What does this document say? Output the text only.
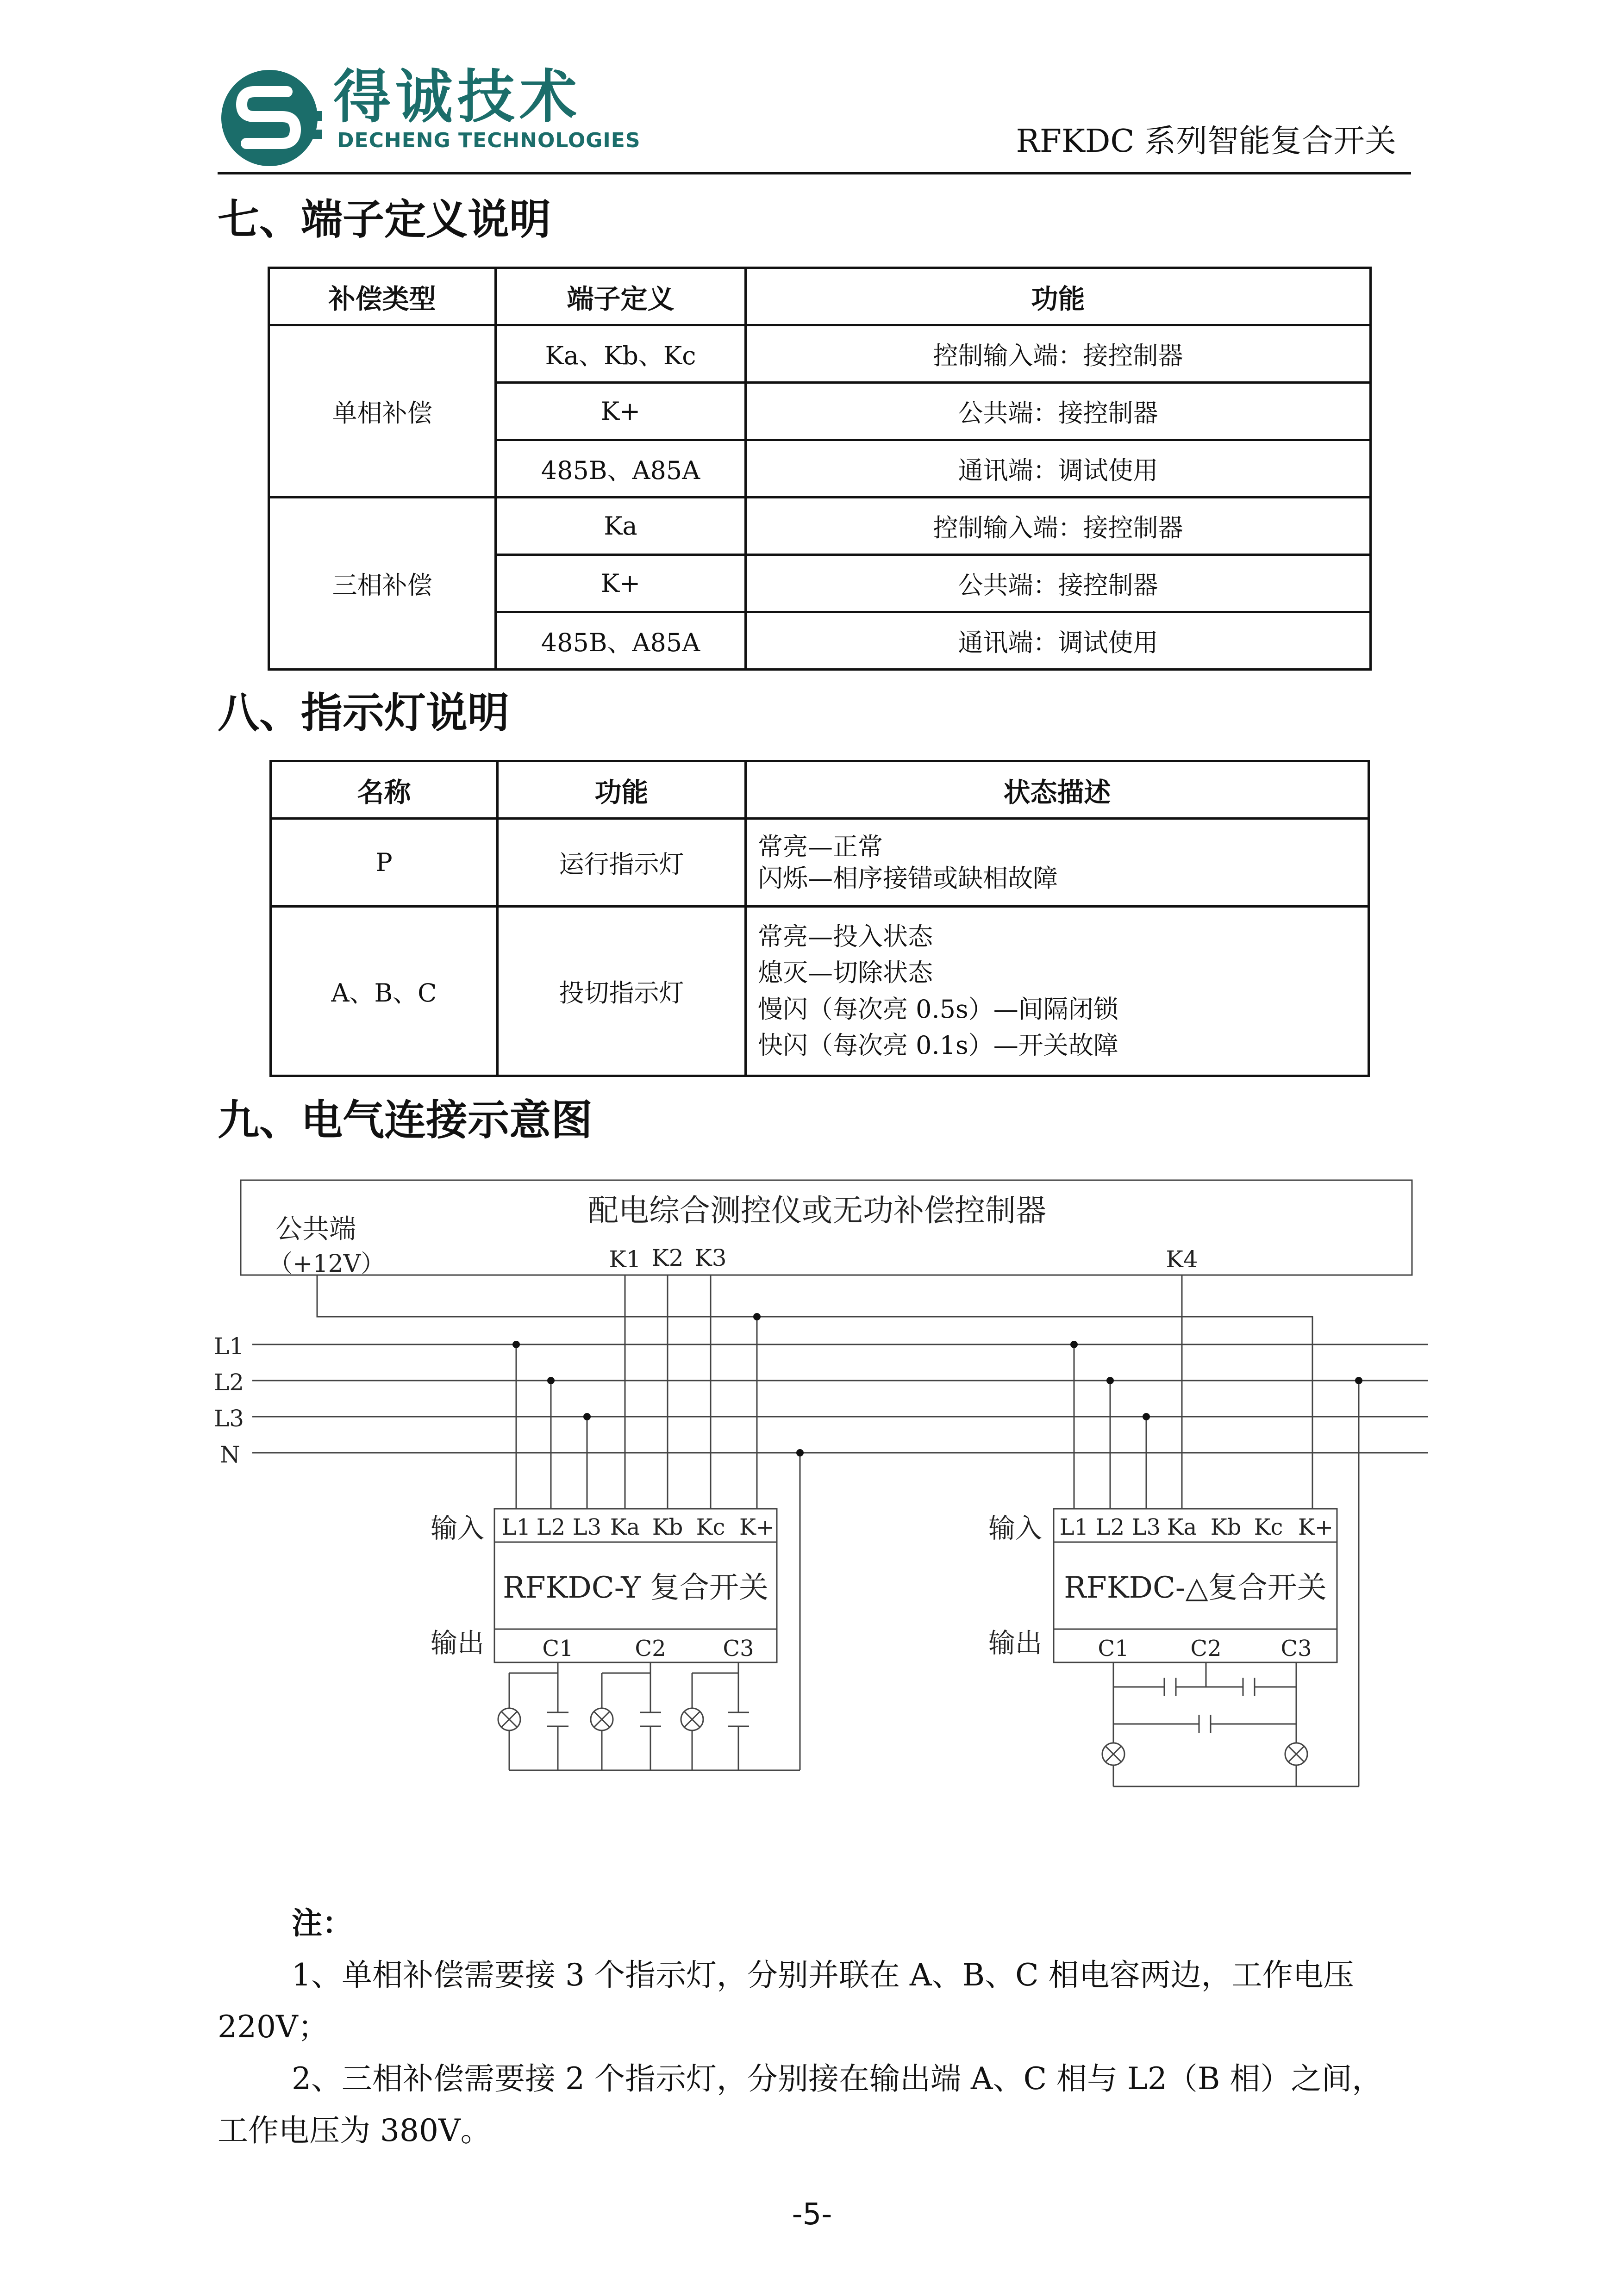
得诚技术
DECHENG TECHNOLOGIES	RFKDC 系列智能复合开关
七、端子定义说明
补偿类型	端子定义	功能
单相补偿	Ka、Kb、Kc	控制输入端：接控制器
	K+	公共端：接控制器
	485B、A85A	通讯端：调试使用
三相补偿	Ka	控制输入端：接控制器
	K+	公共端：接控制器
	485B、A85A	通讯端：调试使用
八、指示灯说明
名称	功能	状态描述
P	运行指示灯	常亮—正常
闪烁—相序接错或缺相故障

A、B、C	投切指示灯	常亮—投入状态
熄灭—切除状态
慢闪（每次亮 0.5s）—间隔闭锁
快闪（每次亮 0.1s）—开关故障
九、电气连接示意图
配电综合测控仪或无功补偿控制器
公共端
（+12V）	K1 K2 K3	K4
L1
L2
L3
N
输入
输出
L1 L2 L3 Ka Kb Kc K+
C1	C2	C3
RFKDC-Y 复合开关
输入
输出
L1 L2 L3 Ka Kb Kc K+
C1	C2	C3
RFKDC-△复合开关
注：

1、单相补偿需要接 3 个指示灯，分别并联在 A、B、C 相电容两边，工作电压 220V；

2、三相补偿需要接 2 个指示灯，分别接在输出端 A、C 相与 L2（B 相）之间，工作电压为 380V。

-5-
